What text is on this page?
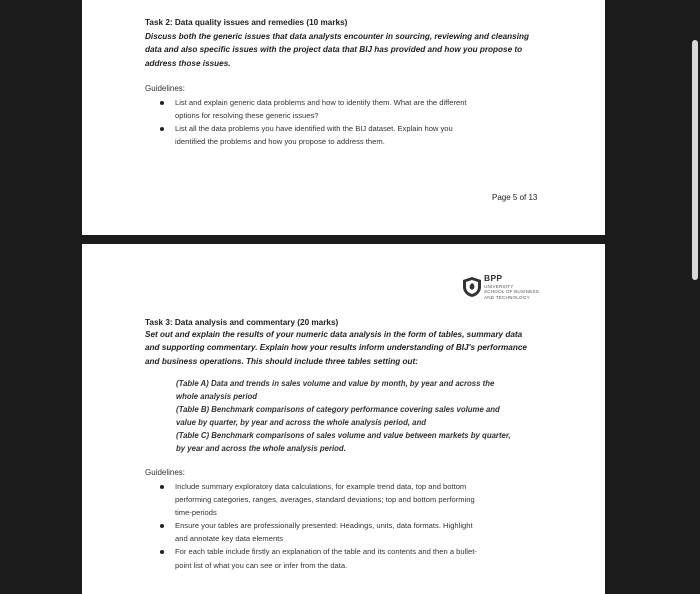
Task 2: Data quality issues and remedies (10 marks)
Discuss both the generic issues that data analysts encounter in sourcing, reviewing and cleansing
data and also specific issues with the project data that BIJ has provided and how you propose to
address those issues.
Guidelines:
List and explain generic data problems and how to identify them. What are the different
options for resolving these generic issues?
List all the data problems you have identified with the BIJ dataset. Explain how you
identified the problems and how you propose to address them.
Page 5 of 13
BPP
UNIVERSITY
SCHOOL OF BUSINESS
AND TECHNOLOGY
Task 3: Data analysis and commentary (20 marks)
Set out and explain the results of your numeric data analysis in the form of tables, summary data
and supporting commentary. Explain how your results inform understanding of BIJ's performance
and business operations. This should include three tables setting out:
(Table A) Data and trends in sales volume and value by month, by year and across the
whole analysis period
(Table B) Benchmark comparisons of category performance covering sales volume and
value by quarter, by year and across the whole analysis period, and
(Table C) Benchmark comparisons of sales volume and value between markets by quarter,
by year and across the whole analysis period.
Guidelines:
Include summary exploratory data calculations, for example trend data, top and bottom
performing categories, ranges, averages, standard deviations; top and bottom performing
time-periods
Ensure your tables are professionally presented: Headings, units, data formats. Highlight
and annotate key data elements
For each table include firstly an explanation of the table and its contents and then a bullet-
point list of what you can see or infer from the data.
